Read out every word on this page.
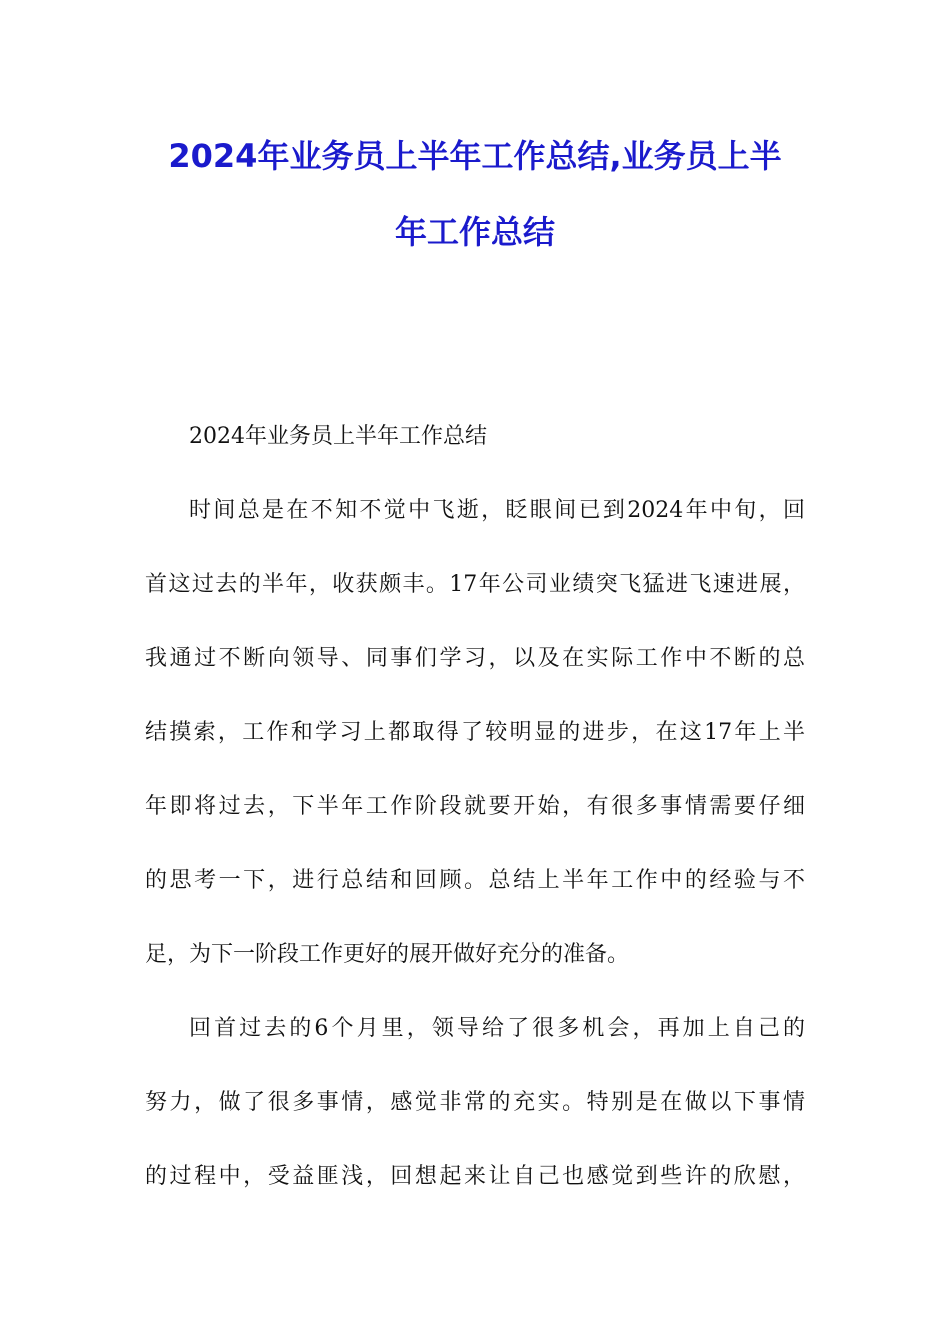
2024年业务员上半年工作总结,业务员上半
年工作总结
2024年业务员上半年工作总结
时间总是在不知不觉中飞逝，眨眼间已到2024年中旬，回
首这过去的半年，收获颇丰。17年公司业绩突飞猛进飞速进展，
我通过不断向领导、同事们学习，以及在实际工作中不断的总
结摸索，工作和学习上都取得了较明显的进步，在这17年上半
年即将过去，下半年工作阶段就要开始，有很多事情需要仔细
的思考一下，进行总结和回顾。总结上半年工作中的经验与不
足，为下一阶段工作更好的展开做好充分的准备。
回首过去的6个月里，领导给了很多机会，再加上自己的
努力，做了很多事情，感觉非常的充实。特别是在做以下事情
的过程中，受益匪浅，回想起来让自己也感觉到些许的欣慰，
